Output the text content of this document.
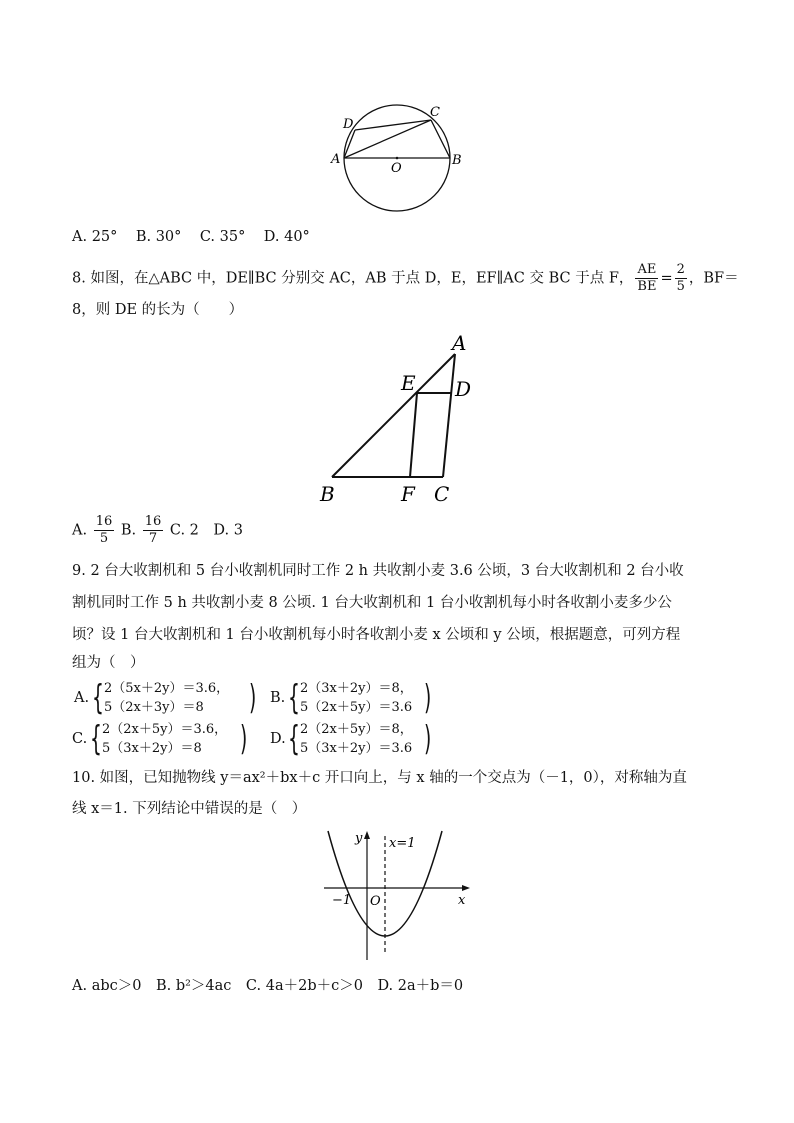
D
C
A	B
O
A. 25° B. 30° C. 35° D. 40°
8. 如图，在△ABC 中，DE∥BC 分别交 AC，AB 于点 D，E，EF∥AC 交 BC 于点 F， $\frac{AE}{BE} = \frac{2}{5}$ ，BF＝
8，则 DE 的长为（　　）
A
E D
B	F C
A. $\frac{16}{5} B$. $\frac{16}{7} C$. 2　D. 3
9. 2 台大收割机和 5 台小收割机同时工作 2 h 共收割小麦 3.6 公顷，3 台大收割机和 2 台小收
割机同时工作 5 h 共收割小麦 8 公顷. 1 台大收割机和 1 台小收割机每小时各收割小麦多少公
顷？设 1 台大收割机和 1 台小收割机每小时各收割小麦 x 公顷和 y 公顷，根据题意，可列方程
组为（　）
A. { 2（5x＋2y）＝3.6，
5（2x＋3y）＝8 ) B. { 2（3x＋2y）＝8，
5（2x＋5y）＝3.6 )
C. { 2（2x＋5y）＝3.6，
5（3x＋2y）＝8 ) D. { 2（2x＋5y）＝8，
5（3x＋2y）＝3.6 )
10. 如图，已知抛物线 y＝ax²＋bx＋c 开口向上，与 x 轴的一个交点为（－1，0），对称轴为直
线 x＝1. 下列结论中错误的是（　）
y x=1
x
O
−1
A. abc＞0　B. b²＞4ac　C. 4a＋2b＋c＞0　D. 2a＋b＝0
